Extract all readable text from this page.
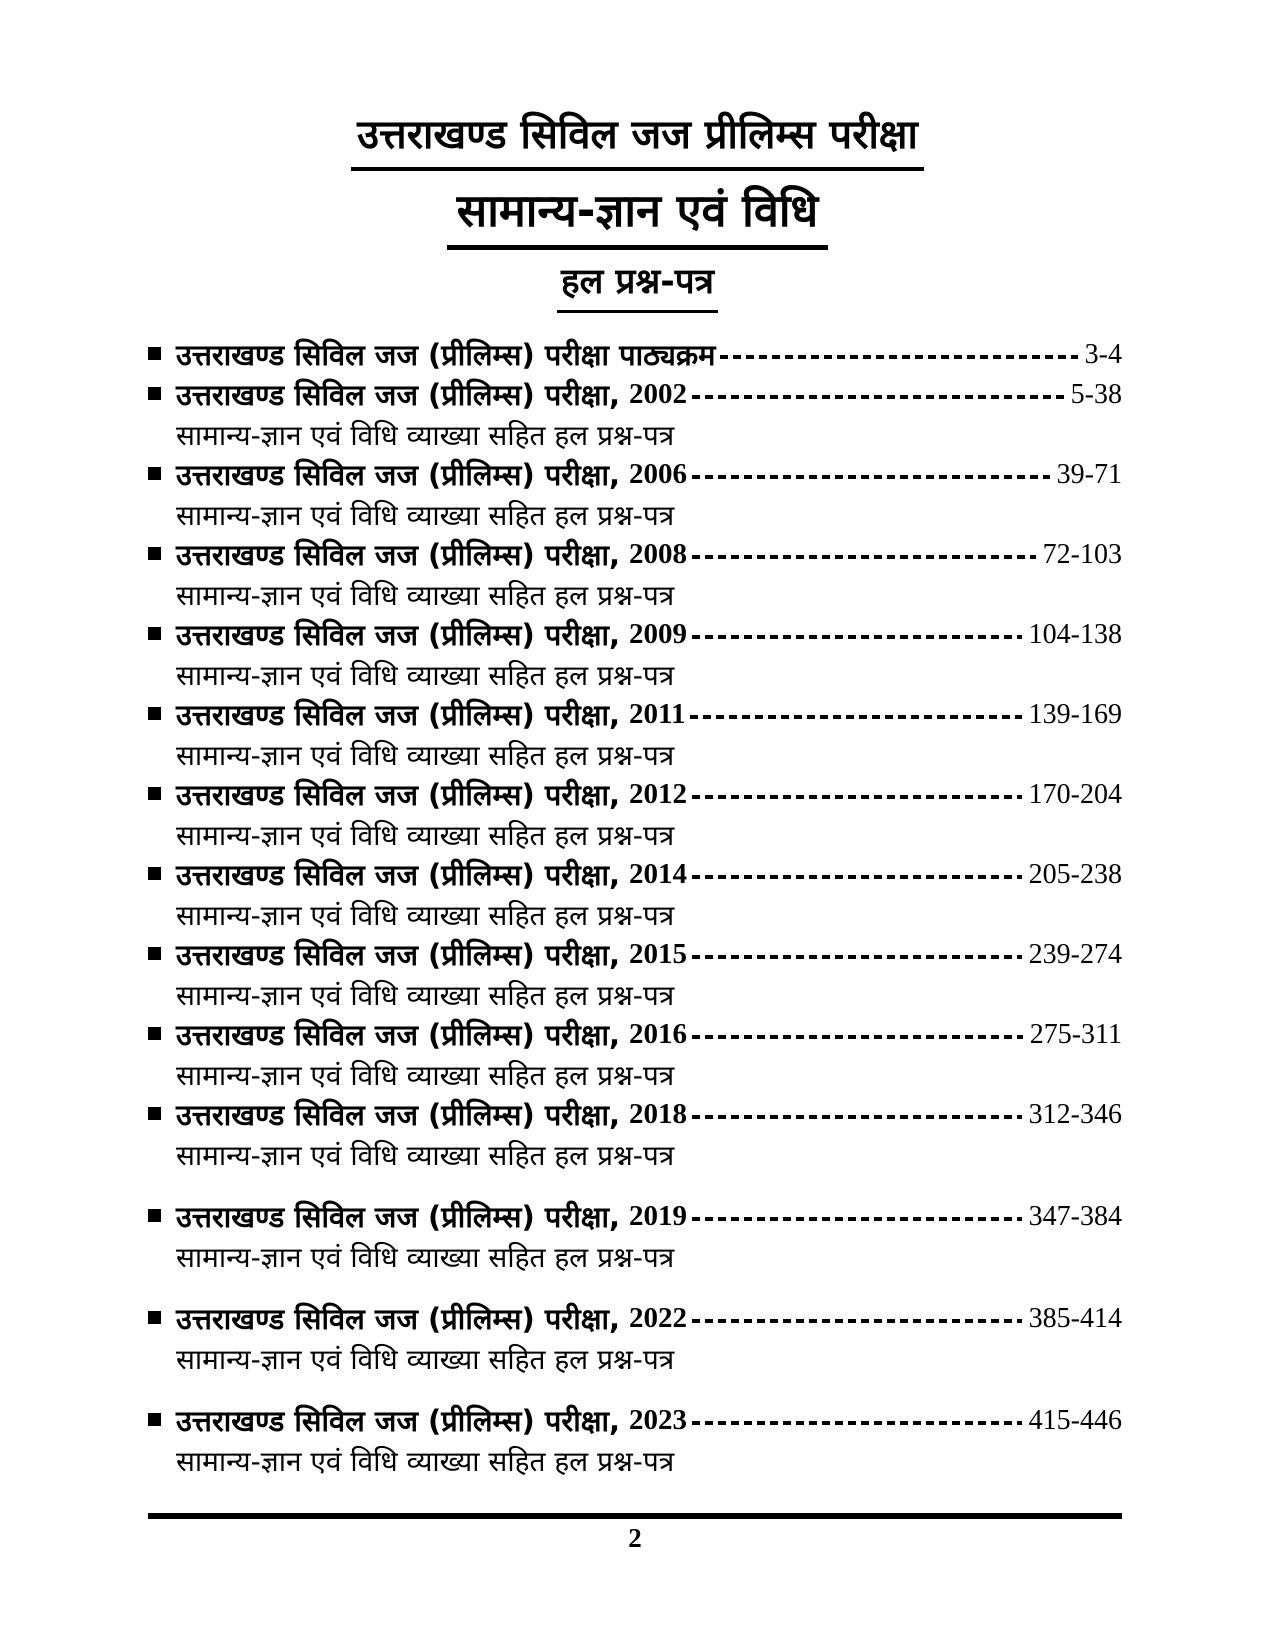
उत्तराखण्ड सिविल जज प्रीलिम्स परीक्षा
सामान्य-ज्ञान एवं विधि
हल प्रश्न-पत्र
उत्तराखण्ड सिविल जज (प्रीलिम्स) परीक्षा पाठ्यक्रम	3-4
उत्तराखण्ड सिविल जज (प्रीलिम्स) परीक्षा, 2002	5-38
सामान्य-ज्ञान एवं विधि व्याख्या सहित हल प्रश्न-पत्र
उत्तराखण्ड सिविल जज (प्रीलिम्स) परीक्षा, 2006	39-71
सामान्य-ज्ञान एवं विधि व्याख्या सहित हल प्रश्न-पत्र
उत्तराखण्ड सिविल जज (प्रीलिम्स) परीक्षा, 2008	72-103
सामान्य-ज्ञान एवं विधि व्याख्या सहित हल प्रश्न-पत्र
उत्तराखण्ड सिविल जज (प्रीलिम्स) परीक्षा, 2009	104-138
सामान्य-ज्ञान एवं विधि व्याख्या सहित हल प्रश्न-पत्र
उत्तराखण्ड सिविल जज (प्रीलिम्स) परीक्षा, 2011	139-169
सामान्य-ज्ञान एवं विधि व्याख्या सहित हल प्रश्न-पत्र
उत्तराखण्ड सिविल जज (प्रीलिम्स) परीक्षा, 2012	170-204
सामान्य-ज्ञान एवं विधि व्याख्या सहित हल प्रश्न-पत्र
उत्तराखण्ड सिविल जज (प्रीलिम्स) परीक्षा, 2014	205-238
सामान्य-ज्ञान एवं विधि व्याख्या सहित हल प्रश्न-पत्र
उत्तराखण्ड सिविल जज (प्रीलिम्स) परीक्षा, 2015	239-274
सामान्य-ज्ञान एवं विधि व्याख्या सहित हल प्रश्न-पत्र
उत्तराखण्ड सिविल जज (प्रीलिम्स) परीक्षा, 2016	275-311
सामान्य-ज्ञान एवं विधि व्याख्या सहित हल प्रश्न-पत्र
उत्तराखण्ड सिविल जज (प्रीलिम्स) परीक्षा, 2018	312-346
सामान्य-ज्ञान एवं विधि व्याख्या सहित हल प्रश्न-पत्र
उत्तराखण्ड सिविल जज (प्रीलिम्स) परीक्षा, 2019	347-384
सामान्य-ज्ञान एवं विधि व्याख्या सहित हल प्रश्न-पत्र
उत्तराखण्ड सिविल जज (प्रीलिम्स) परीक्षा, 2022	385-414
सामान्य-ज्ञान एवं विधि व्याख्या सहित हल प्रश्न-पत्र
उत्तराखण्ड सिविल जज (प्रीलिम्स) परीक्षा, 2023	415-446
सामान्य-ज्ञान एवं विधि व्याख्या सहित हल प्रश्न-पत्र
2
